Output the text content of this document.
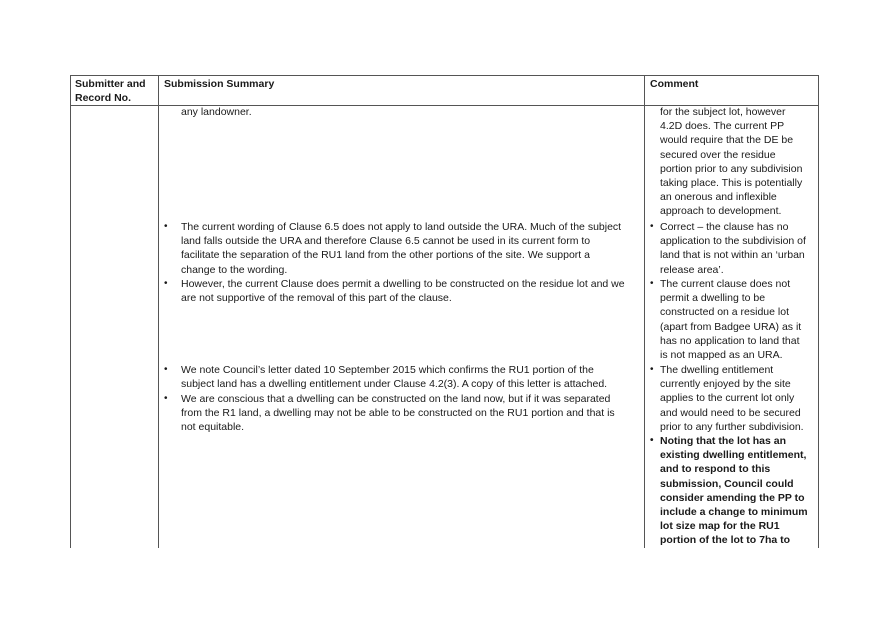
Submitter and
Record No.
Submission Summary	Comment
any landowner.
• The current wording of Clause 6.5 does not apply to land outside the URA. Much of the subject
land falls outside the URA and therefore Clause 6.5 cannot be used in its current form to
facilitate the separation of the RU1 land from the other portions of the site. We support a
change to the wording.
• However, the current Clause does permit a dwelling to be constructed on the residue lot and we
are not supportive of the removal of this part of the clause.
• We note Council’s letter dated 10 September 2015 which confirms the RU1 portion of the
subject land has a dwelling entitlement under Clause 4.2(3). A copy of this letter is attached.
• We are conscious that a dwelling can be constructed on the land now, but if it was separated
from the R1 land, a dwelling may not be able to be constructed on the RU1 portion and that is
not equitable.
for the subject lot, however
4.2D does. The current PP
would require that the DE be
secured over the residue
portion prior to any subdivision
taking place. This is potentially
an onerous and inflexible
approach to development.
• Correct – the clause has no
application to the subdivision of
land that is not within an ‘urban
release area’.
• The current clause does not
permit a dwelling to be
constructed on a residue lot
(apart from Badgee URA) as it
has no application to land that
is not mapped as an URA.
• The dwelling entitlement
currently enjoyed by the site
applies to the current lot only
and would need to be secured
prior to any further subdivision.
• Noting that the lot has an
existing dwelling entitlement,
and to respond to this
submission, Council could
consider amending the PP to
include a change to minimum
lot size map for the RU1
portion of the lot to 7ha to
